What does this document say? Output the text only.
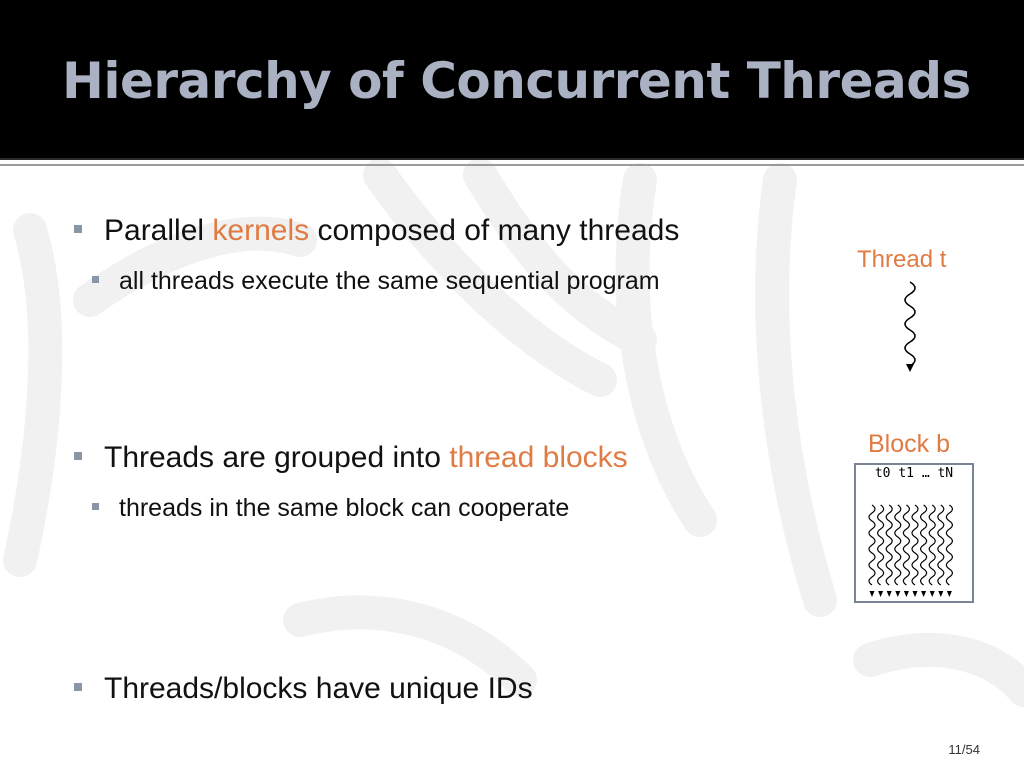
Hierarchy of Concurrent Threads
Parallel
kernels
composed of many threads
all threads execute the same sequential program
Threads are grouped into
thread blocks
threads in the same block can cooperate
Threads/blocks have unique IDs
Thread t
Block b
t0 t1 … tN
11/54
